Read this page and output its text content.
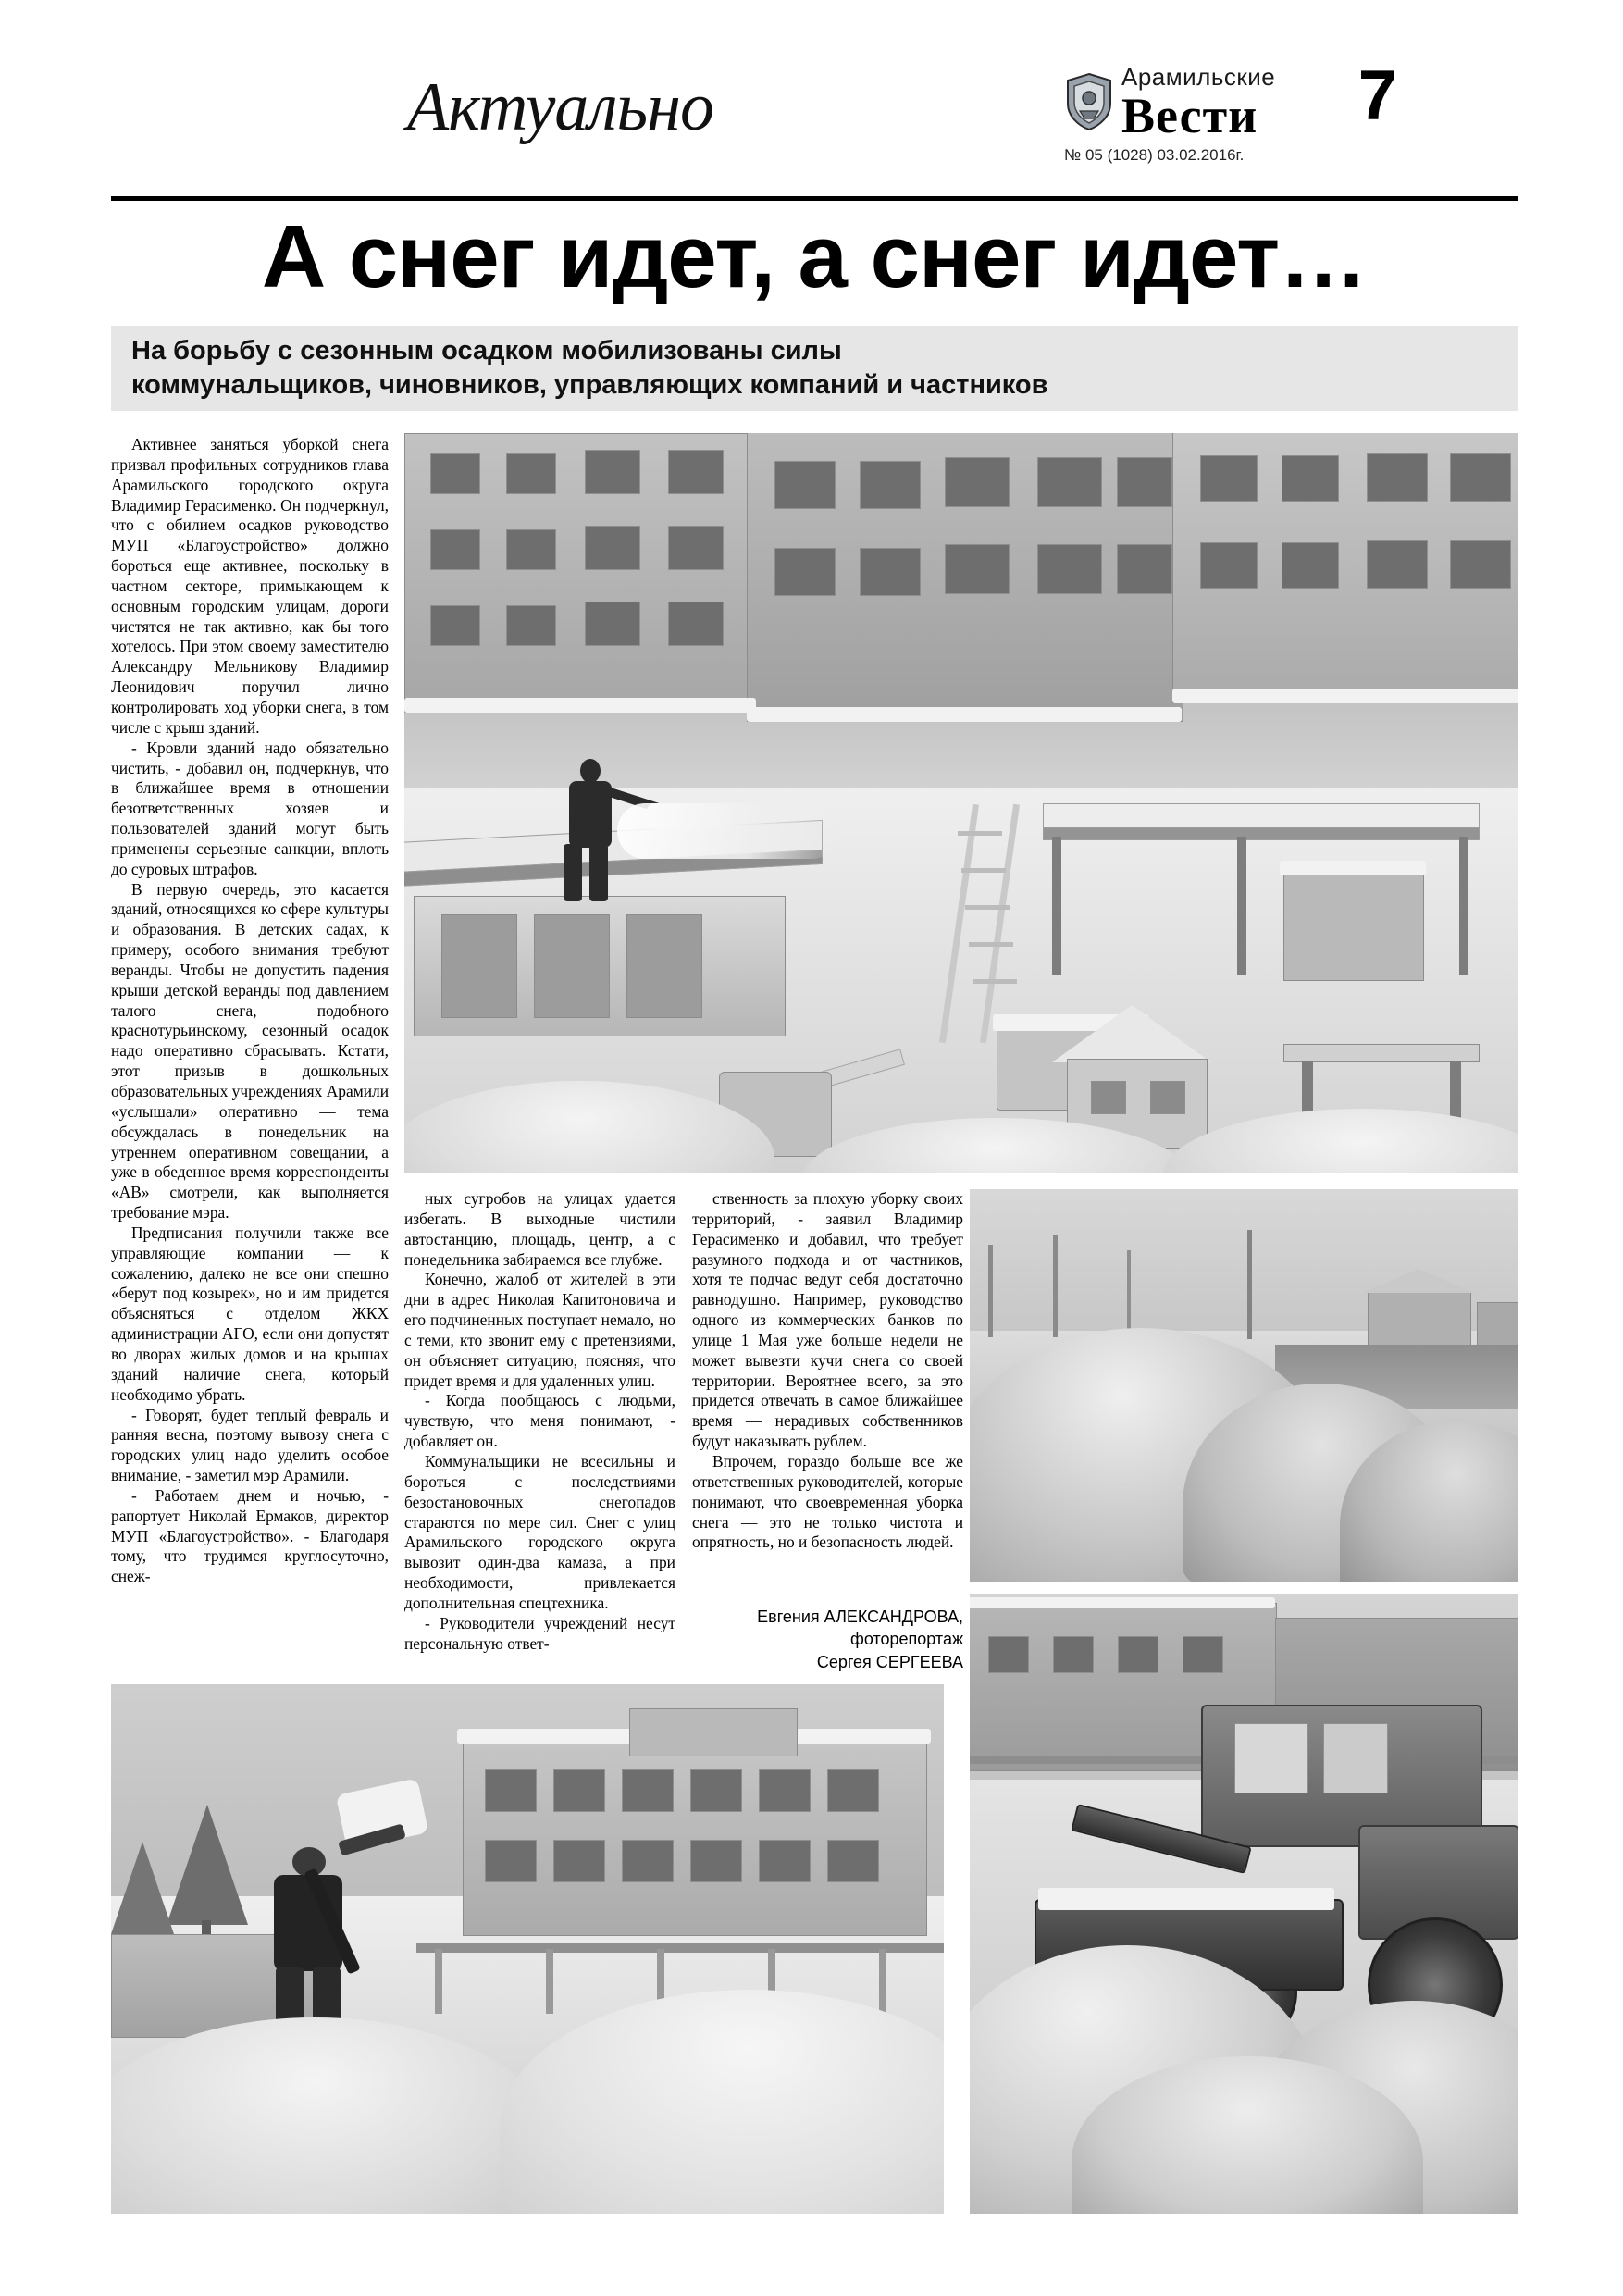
Актуально	Арамильские
Вести
№ 05 (1028) 03.02.2016г.
7
А снег идет, а снег идет…
На борьбу с сезонным осадком мобилизованы силы
коммунальщиков, чиновников, управляющих компаний и частников

Активнее заняться уборкой снега призвал профильных сотрудников глава Арамильского городского округа Владимир Герасименко. Он подчеркнул, что с обилием осадков руководство МУП «Благоустройство» должно бороться еще активнее, поскольку в частном секторе, примыкающем к основным городским улицам, дороги чистятся не так активно, как бы того хотелось. При этом своему заместителю Александру Мельникову Владимир Леонидович поручил лично контролировать ход уборки снега, в том числе с крыш зданий.

- Кровли зданий надо обязательно чистить, - добавил он, подчеркнув, что в ближайшее время в отношении безответственных хозяев и пользователей зданий могут быть применены серьезные санкции, вплоть до суровых штрафов.

В первую очередь, это касается зданий, относящихся ко сфере культуры и образования. В детских садах, к примеру, особого внимания требуют веранды. Чтобы не допустить падения крыши детской веранды под давлением талого снега, подобного краснотурьинскому, сезонный осадок надо оперативно сбрасывать. Кстати, этот призыв в дошкольных образовательных учреждениях Арамили «услышали» оперативно — тема обсуждалась в понедельник на утреннем оперативном совещании, а уже в обеденное время корреспонденты «АВ» смотрели, как выполняется требование мэра.

Предписания получили также все управляющие компании — к сожалению, далеко не все они спешно «берут под козырек», но и им придется объясняться с отделом ЖКХ администрации АГО, если они допустят во дворах жилых домов и на крышах зданий наличие снега, который необходимо убрать.

- Говорят, будет теплый февраль и ранняя весна, поэтому вывозу снега с городских улиц надо уделить особое внимание, - заметил мэр Арамили.

- Работаем днем и ночью, - рапортует Николай Ермаков, директор МУП «Благоустройство». - Благодаря тому, что трудимся круглосуточно, снеж-

ных сугробов на улицах удается избегать. В выходные чистили автостанцию, площадь, центр, а с понедельника забираемся все глубже.

Конечно, жалоб от жителей в эти дни в адрес Николая Капитоновича и его подчиненных поступает немало, но с теми, кто звонит ему с претензиями, он объясняет ситуацию, поясняя, что придет время и для удаленных улиц.

- Когда пообщаюсь с людьми, чувствую, что меня понимают, - добавляет он.

Коммунальщики не всесильны и бороться с последствиями безостановочных снегопадов стараются по мере сил. Снег с улиц Арамильского городского округа вывозит один-два камаза, а при необходимости, привлекается дополнительная спецтехника.

- Руководители учреждений несут персональную ответ-

ственность за плохую уборку своих территорий, - заявил Владимир Герасименко и добавил, что требует разумного подхода и от частников, хотя те подчас ведут себя достаточно равнодушно. Например, руководство одного из коммерческих банков по улице 1 Мая уже больше недели не может вывезти кучи снега со своей территории. Вероятнее всего, за это придется отвечать в самое ближайшее время — нерадивых собственников будут наказывать рублем.

Впрочем, гораздо больше все же ответственных руководителей, которые понимают, что своевременная уборка снега — это не только чистота и опрятность, но и безопасность людей.

Евгения АЛЕКСАНДРОВА,
фоторепортаж
Сергея СЕРГЕЕВА
